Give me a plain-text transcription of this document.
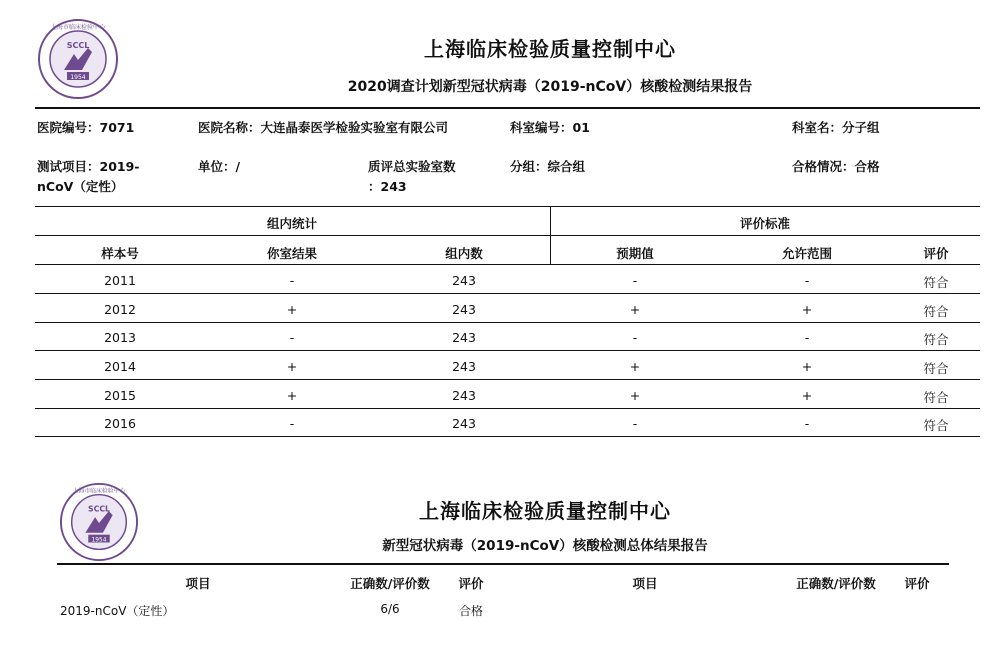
SCCL
1954
上海市临床检验中心
上海临床检验质量控制中心
2020调查计划新型冠状病毒（2019-nCoV）核酸检测结果报告
医院编号：7071	医院名称：大连晶泰医学检验实验室有限公司	科室编号：01	科室名：分子组
测试项目：2019-
nCoV（定性）
单位：/	质评总实验室数
：243
分组：综合组	合格情况：合格
组内统计	评价标准
样本号	你室结果	组内数	预期值	允许范围	评价
2011	-	243	-	-	符合
2012	+	243	+	+	符合
2013	-	243	-	-	符合
2014	+	243	+	+	符合
2015	+	243	+	+	符合
2016	-	243	-	-	符合
SCCL
1954
上海市临床检验中心
上海临床检验质量控制中心
新型冠状病毒（2019-nCoV）核酸检测总体结果报告
项目	正确数/评价数 评价	项目	正确数/评价数 评价
2019-nCoV（定性）	6/6	合格
